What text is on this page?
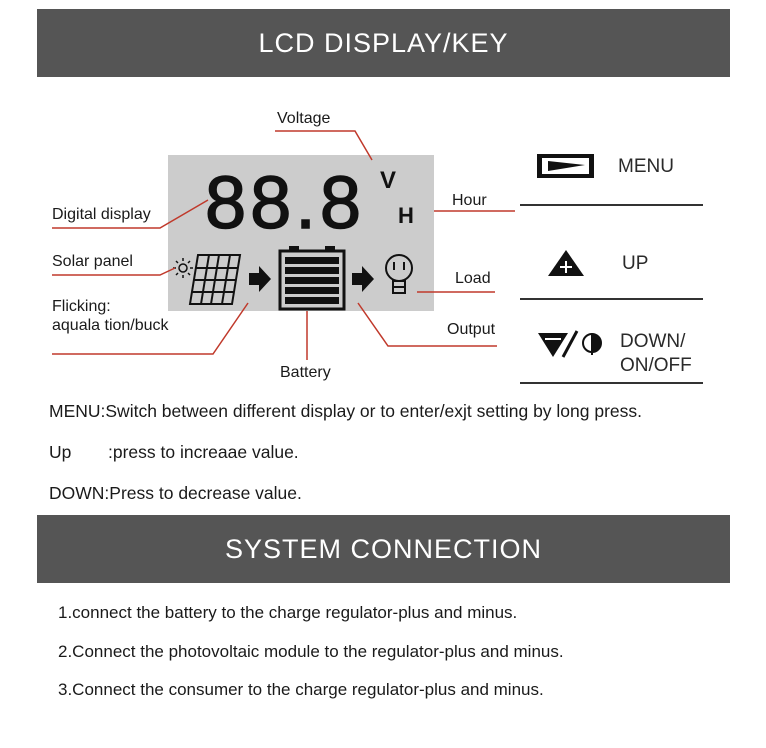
LCD DISPLAY/KEY
88.8 V
H
Voltage
Digital display
Hour
Solar panel
Load
Flicking:
aquala tion/buck	Output
Battery
MENU
UP
DOWN/
ON/OFF
MENU:Switch between different display or to enter/exjt setting by long press.
Up :press to increaae value.
DOWN:Press to decrease value.
SYSTEM CONNECTION
1.connect the battery to the charge regulator-plus and minus.
2.Connect the photovoltaic module to the regulator-plus and minus.
3.Connect the consumer to the charge regulator-plus and minus.
